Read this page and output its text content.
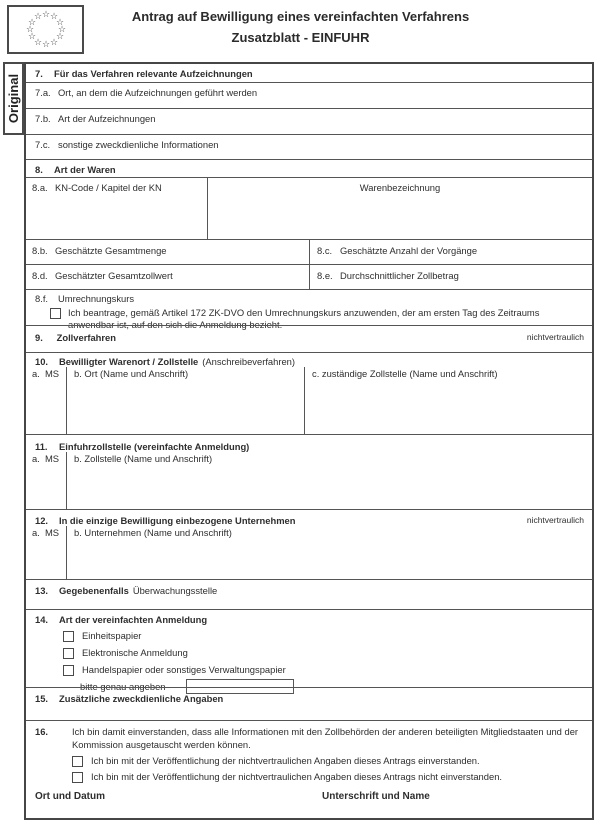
☆ ☆
☆
☆
☆
☆
☆
☆
☆
☆
☆
☆	Antrag auf Bewilligung eines vereinfachten Verfahrens
Zusatzblatt - EINFUHR
Original
7.	Für das Verfahren relevante Aufzeichnungen
7.a. Ort, an dem die Aufzeichnungen geführt werden
7.b. Art der Aufzeichnungen
7.c. sonstige zweckdienliche Informationen
8.	Art der Waren
8.a. KN-Code / Kapitel der KN	Warenbezeichnung
8.b. Geschätzte Gesamtmenge	8.c. Geschätzte Anzahl der Vorgänge
8.d. Geschätzter Gesamtzollwert	8.e. Durchschnittlicher Zollbetrag
8.f.	Umrechnungskurs
Ich beantrage, gemäß Artikel 172 ZK-DVO den Umrechnungskurs anzuwenden, der am ersten Tag des Zeitraums anwendbar ist, auf den sich die Anmeldung bezieht.
9. Zollverfahren	nichtvertraulich
10.	Bewilligter Warenort / Zollstelle (Anschreibeverfahren)
a. MS b. Ort (Name und Anschrift)	c. zuständige Zollstelle (Name und Anschrift)
11.	Einfuhrzollstelle (vereinfachte Anmeldung)
a. MS b. Zollstelle (Name und Anschrift)
12.	In die einzige Bewilligung einbezogene Unternehmen	nichtvertraulich
a. MS b. Unternehmen (Name und Anschrift)
13.	Gegebenenfalls Überwachungsstelle
14.	Art der vereinfachten Anmeldung
Einheitspapier
Elektronische Anmeldung
Handelspapier oder sonstiges Verwaltungspapier
bitte genau angeben
15.	Zusätzliche zweckdienliche Angaben
16.	Ich bin damit einverstanden, dass alle Informationen mit den Zollbehörden der anderen beteiligten Mitgliedstaaten und der Kommission ausgetauscht werden können.
Ich bin mit der Veröffentlichung der nichtvertraulichen Angaben dieses Antrags einverstanden.
Ich bin mit der Veröffentlichung der nichtvertraulichen Angaben dieses Antrags nicht einverstanden.
Ort und Datum	Unterschrift und Name
